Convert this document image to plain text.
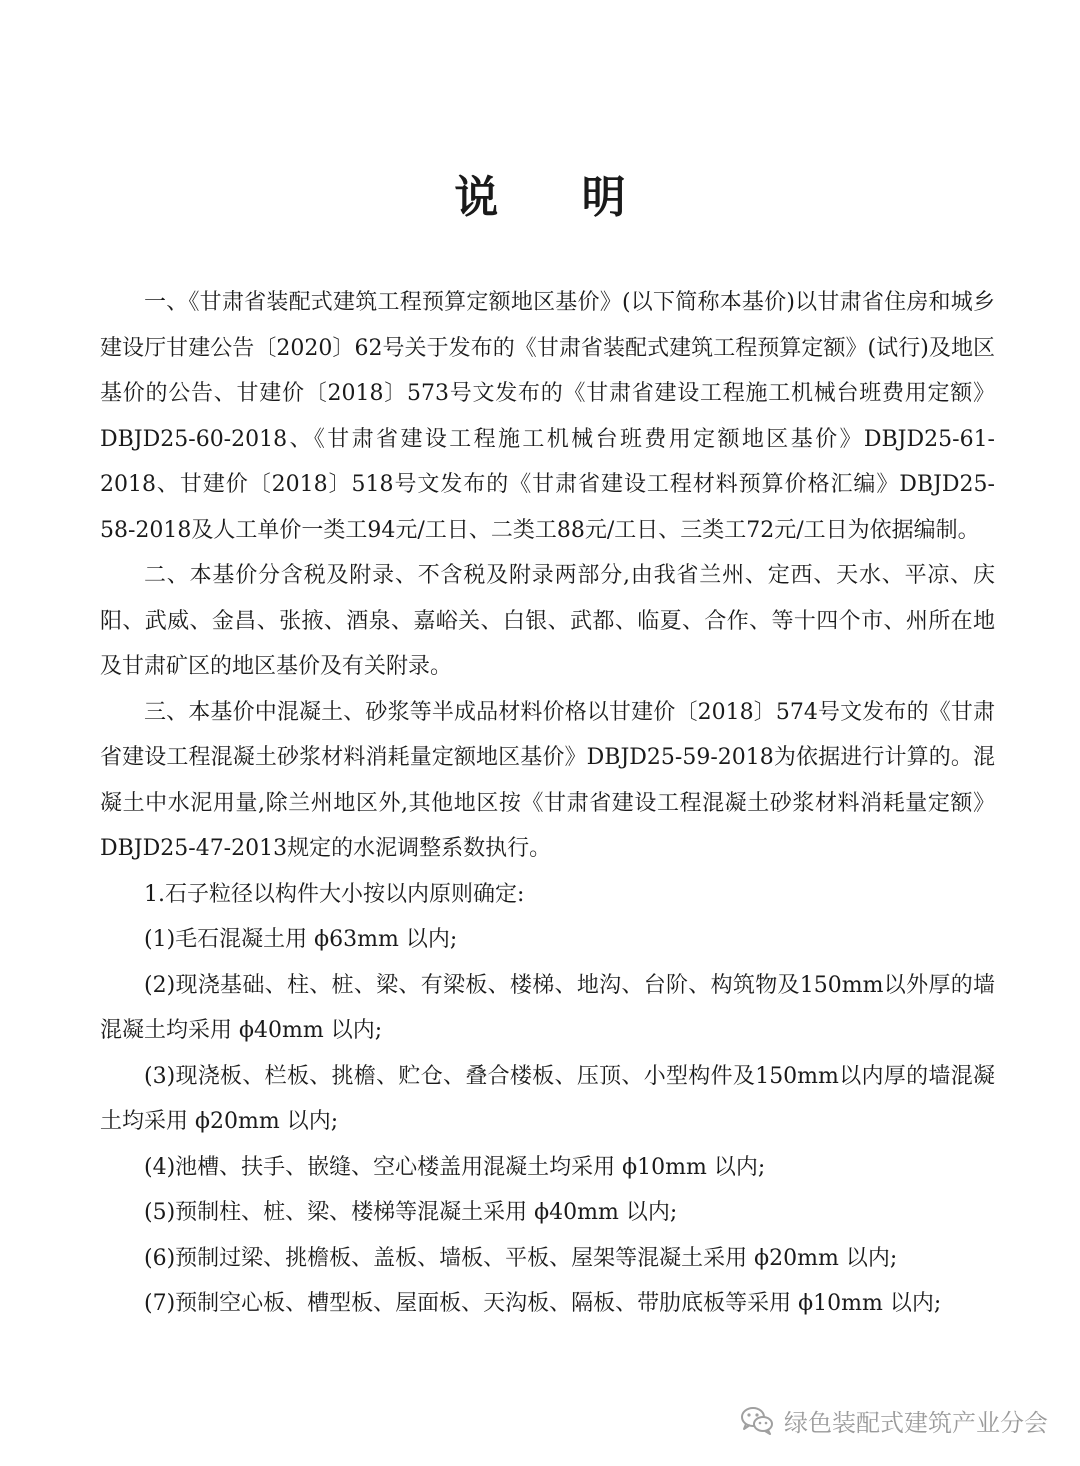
说 明

一、《甘肃省装配式建筑工程预算定额地区基价》(以下简称本基价)以甘肃省住房和城乡建设厅甘建公告〔2020〕62号关于发布的《甘肃省装配式建筑工程预算定额》(试行)及地区基价的公告、甘建价〔2018〕573号文发布的《甘肃省建设工程施工机械台班费用定额》DBJD25-60-2018、《甘肃省建设工程施工机械台班费用定额地区基价》DBJD25-61-2018、甘建价〔2018〕518号文发布的《甘肃省建设工程材料预算价格汇编》DBJD25-58-2018及人工单价一类工94元/工日、二类工88元/工日、三类工72元/工日为依据编制。

二、本基价分含税及附录、不含税及附录两部分,由我省兰州、定西、天水、平凉、庆阳、武威、金昌、张掖、酒泉、嘉峪关、白银、武都、临夏、合作、等十四个市、州所在地及甘肃矿区的地区基价及有关附录。

三、本基价中混凝土、砂浆等半成品材料价格以甘建价〔2018〕574号文发布的《甘肃省建设工程混凝土砂浆材料消耗量定额地区基价》DBJD25-59-2018为依据进行计算的。混凝土中水泥用量,除兰州地区外,其他地区按《甘肃省建设工程混凝土砂浆材料消耗量定额》DBJD25-47-2013规定的水泥调整系数执行。

1.石子粒径以构件大小按以内原则确定:

(1)毛石混凝土用 ϕ63mm 以内;

(2)现浇基础、柱、桩、梁、有梁板、楼梯、地沟、台阶、构筑物及150mm以外厚的墙混凝土均采用 ϕ40mm 以内;

(3)现浇板、栏板、挑檐、贮仓、叠合楼板、压顶、小型构件及150mm以内厚的墙混凝土均采用 ϕ20mm 以内;

(4)池槽、扶手、嵌缝、空心楼盖用混凝土均采用 ϕ10mm 以内;

(5)预制柱、桩、梁、楼梯等混凝土采用 ϕ40mm 以内;

(6)预制过梁、挑檐板、盖板、墙板、平板、屋架等混凝土采用 ϕ20mm 以内;

(7)预制空心板、槽型板、屋面板、天沟板、隔板、带肋底板等采用 ϕ10mm 以内;

绿色装配式建筑产业分会
